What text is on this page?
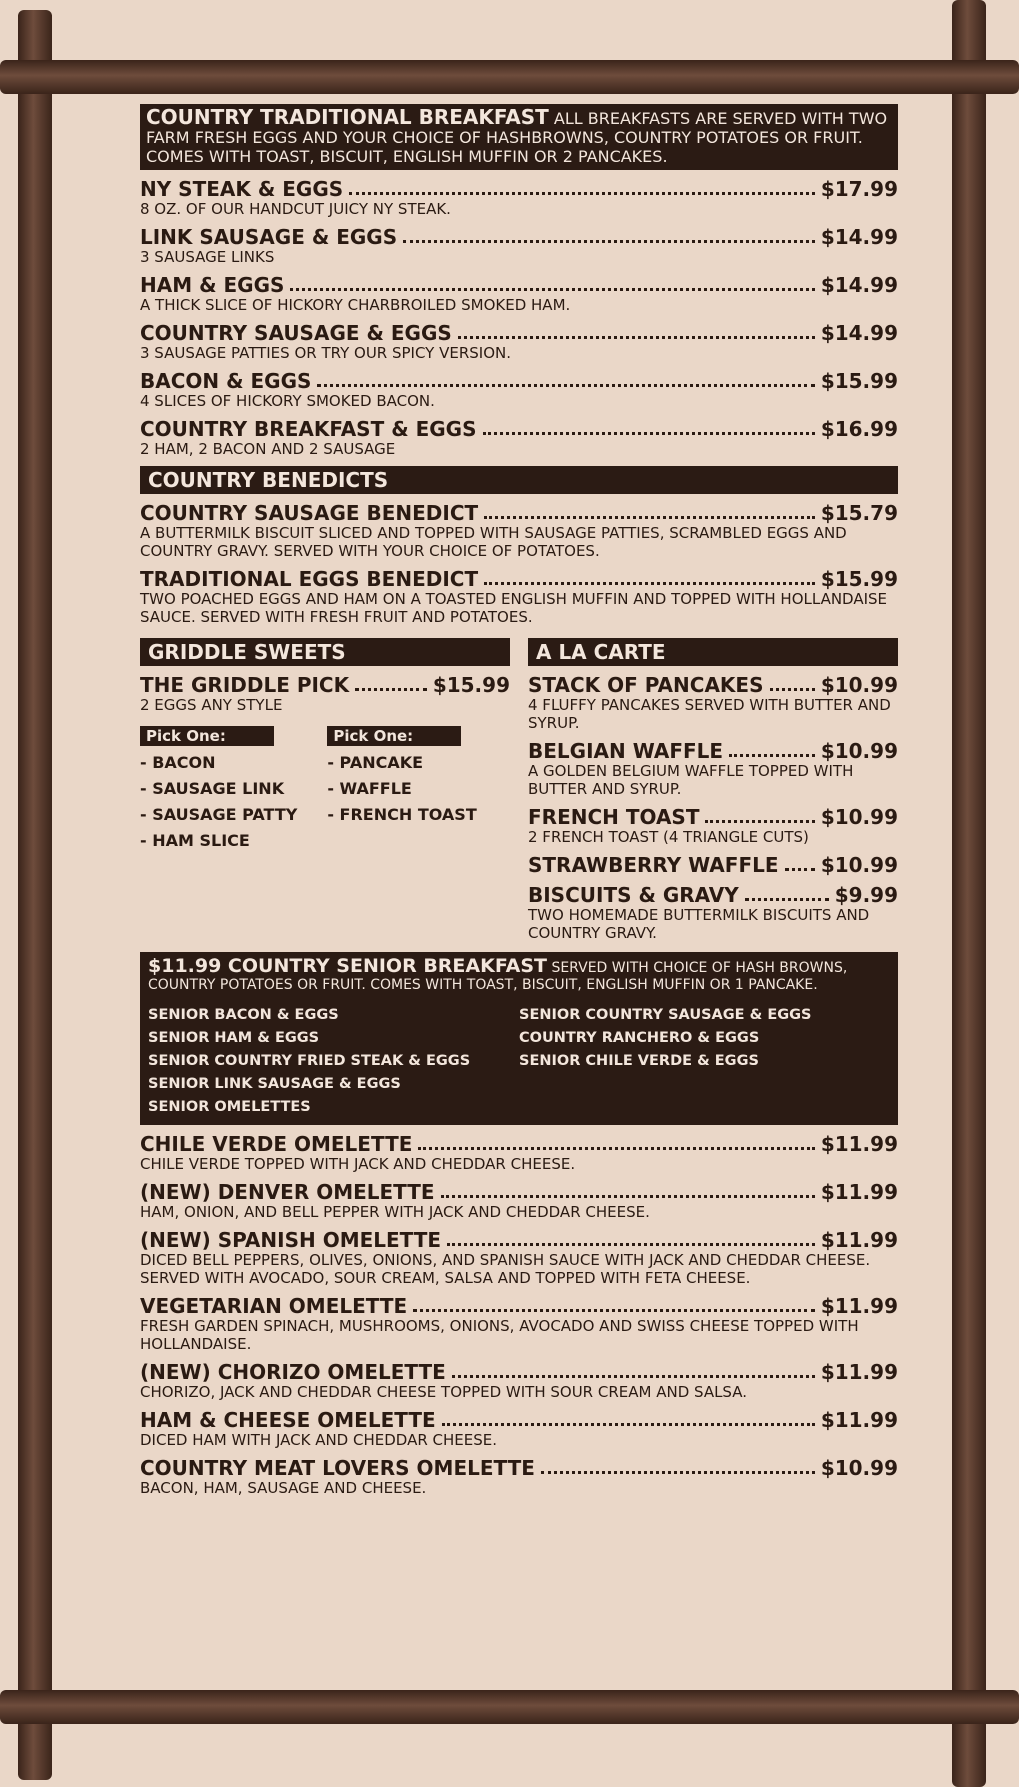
COUNTRY TRADITIONAL BREAKFAST ALL BREAKFASTS ARE SERVED WITH TWO FARM FRESH EGGS AND YOUR CHOICE OF HASHBROWNS, COUNTRY POTATOES OR FRUIT. COMES WITH TOAST, BISCUIT, ENGLISH MUFFIN OR 2 PANCAKES.
NY STEAK & EGGS	$17.99
8 OZ. OF OUR HANDCUT JUICY NY STEAK.
LINK SAUSAGE & EGGS	$14.99
3 SAUSAGE LINKS
HAM & EGGS	$14.99
A THICK SLICE OF HICKORY CHARBROILED SMOKED HAM.
COUNTRY SAUSAGE & EGGS	$14.99
3 SAUSAGE PATTIES OR TRY OUR SPICY VERSION.
BACON & EGGS	$15.99
4 SLICES OF HICKORY SMOKED BACON.
COUNTRY BREAKFAST & EGGS	$16.99
2 HAM, 2 BACON AND 2 SAUSAGE
COUNTRY BENEDICTS
COUNTRY SAUSAGE BENEDICT	$15.79
A BUTTERMILK BISCUIT SLICED AND TOPPED WITH SAUSAGE PATTIES, SCRAMBLED EGGS AND COUNTRY GRAVY. SERVED WITH YOUR CHOICE OF POTATOES.
TRADITIONAL EGGS BENEDICT	$15.99
TWO POACHED EGGS AND HAM ON A TOASTED ENGLISH MUFFIN AND TOPPED WITH HOLLANDAISE SAUCE. SERVED WITH FRESH FRUIT AND POTATOES.
GRIDDLE SWEETS
THE GRIDDLE PICK	$15.99
2 EGGS ANY STYLE
Pick One:
- BACON
- SAUSAGE LINK
- SAUSAGE PATTY
- HAM SLICE
Pick One:
- PANCAKE
- WAFFLE
- FRENCH TOAST
A LA CARTE
STACK OF PANCAKES	$10.99
4 FLUFFY PANCAKES SERVED WITH BUTTER AND SYRUP.
BELGIAN WAFFLE	$10.99
A GOLDEN BELGIUM WAFFLE TOPPED WITH BUTTER AND SYRUP.
FRENCH TOAST	$10.99
2 FRENCH TOAST (4 TRIANGLE CUTS)
STRAWBERRY WAFFLE $10.99
BISCUITS & GRAVY	$9.99
TWO HOMEMADE BUTTERMILK BISCUITS AND COUNTRY GRAVY.
$11.99 COUNTRY SENIOR BREAKFAST SERVED WITH CHOICE OF HASH BROWNS, COUNTRY POTATOES OR FRUIT. COMES WITH TOAST, BISCUIT, ENGLISH MUFFIN OR 1 PANCAKE.
SENIOR BACON & EGGS
SENIOR HAM & EGGS
SENIOR COUNTRY FRIED STEAK & EGGS
SENIOR LINK SAUSAGE & EGGS
SENIOR OMELETTES
SENIOR COUNTRY SAUSAGE & EGGS
COUNTRY RANCHERO & EGGS
SENIOR CHILE VERDE & EGGS
CHILE VERDE OMELETTE	$11.99
CHILE VERDE TOPPED WITH JACK AND CHEDDAR CHEESE.
(NEW) DENVER OMELETTE	$11.99
HAM, ONION, AND BELL PEPPER WITH JACK AND CHEDDAR CHEESE.
(NEW) SPANISH OMELETTE	$11.99
DICED BELL PEPPERS, OLIVES, ONIONS, AND SPANISH SAUCE WITH JACK AND CHEDDAR CHEESE. SERVED WITH AVOCADO, SOUR CREAM, SALSA AND TOPPED WITH FETA CHEESE.
VEGETARIAN OMELETTE	$11.99
FRESH GARDEN SPINACH, MUSHROOMS, ONIONS, AVOCADO AND SWISS CHEESE TOPPED WITH HOLLANDAISE.
(NEW) CHORIZO OMELETTE	$11.99
CHORIZO, JACK AND CHEDDAR CHEESE TOPPED WITH SOUR CREAM AND SALSA.
HAM & CHEESE OMELETTE	$11.99
DICED HAM WITH JACK AND CHEDDAR CHEESE.
COUNTRY MEAT LOVERS OMELETTE	$10.99
BACON, HAM, SAUSAGE AND CHEESE.
